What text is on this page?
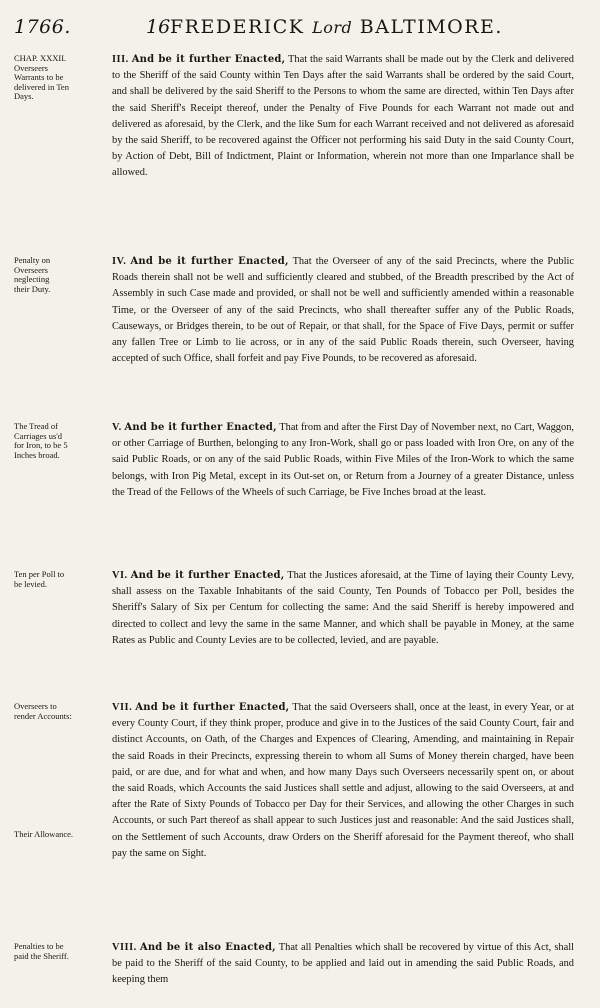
1766.	16 FREDERICK Lord BALTIMORE.
CHAP. XXXII. Overseers Warrants to be delivered in Ten Days.
III. And be it further Enacted, That the said Warrants shall be made out by the Clerk and delivered to the Sheriff of the said County within Ten Days after the said Warrants shall be ordered by the said Court, and shall be delivered by the said Sheriff to the Persons to whom the same are directed, within Ten Days after the said Sheriff's Receipt thereof, under the Penalty of Five Pounds for each Warrant not made out and delivered as aforesaid, by the Clerk, and the like Sum for each Warrant received and not delivered as aforesaid by the said Sheriff, to be recovered against the Officer not performing his said Duty in the said County Court, by Action of Debt, Bill of Indictment, Plaint or Information, wherein not more than one Imparlance shall be allowed.
Penalty on Overseers neglecting their Duty.
IV. And be it further Enacted, That the Overseer of any of the said Precincts, where the Public Roads therein shall not be well and sufficiently cleared and stubbed, of the Breadth prescribed by the Act of Assembly in such Case made and provided, or shall not be well and sufficiently amended within a reasonable Time, or the Overseer of any of the said Precincts, who shall thereafter suffer any of the Public Roads, Causeways, or Bridges therein, to be out of Repair, or that shall, for the Space of Five Days, permit or suffer any fallen Tree or Limb to lie across, or in any of the said Public Roads therein, such Overseer, having accepted of such Office, shall forfeit and pay Five Pounds, to be recovered as aforesaid.
The Tread of Carriages us'd for Iron, to be 5 Inches broad.
V. And be it further Enacted, That from and after the First Day of November next, no Cart, Waggon, or other Carriage of Burthen, belonging to any Iron-Work, shall go or pass loaded with Iron Ore, on any of the said Public Roads, or on any of the said Public Roads, within Five Miles of the Iron-Work to which the same belongs, with Iron Pig Metal, except in its Out-set on, or Return from a Journey of a greater Distance, unless the Tread of the Fellows of the Wheels of such Carriage, be Five Inches broad at the least.
Ten per Poll to be levied.
VI. And be it further Enacted, That the Justices aforesaid, at the Time of laying their County Levy, shall assess on the Taxable Inhabitants of the said County, Ten Pounds of Tobacco per Poll, besides the Sheriff's Salary of Six per Centum for collecting the same: And the said Sheriff is hereby impowered and directed to collect and levy the same in the same Manner, and which shall be payable in Money, at the same Rates as Public and County Levies are to be collected, levied, and are payable.
Overseers to render Accounts:
Their Allowance.
VII. And be it further Enacted, That the said Overseers shall, once at the least, in every Year, or at every County Court, if they think proper, produce and give in to the Justices of the said County Court, fair and distinct Accounts, on Oath, of the Charges and Expences of Clearing, Amending, and maintaining in Repair the said Roads in their Precincts, expressing therein to whom all Sums of Money therein charged, have been paid, or are due, and for what and when, and how many Days such Overseers necessarily spent on, or about the said Roads, which Accounts the said Justices shall settle and adjust, allowing to the said Overseers, at and after the Rate of Sixty Pounds of Tobacco per Day for their Services, and allowing the other Charges in such Accounts, or such Part thereof as shall appear to such Justices just and reasonable: And the said Justices shall, on the Settlement of such Accounts, draw Orders on the Sheriff aforesaid for the Payment thereof, who shall pay the same on Sight.
Penalties to be paid the Sheriff.
VIII. And be it also Enacted, That all Penalties which shall be recovered by virtue of this Act, shall be paid to the Sheriff of the said County, to be applied and laid out in amending the said Public Roads, and keeping them
